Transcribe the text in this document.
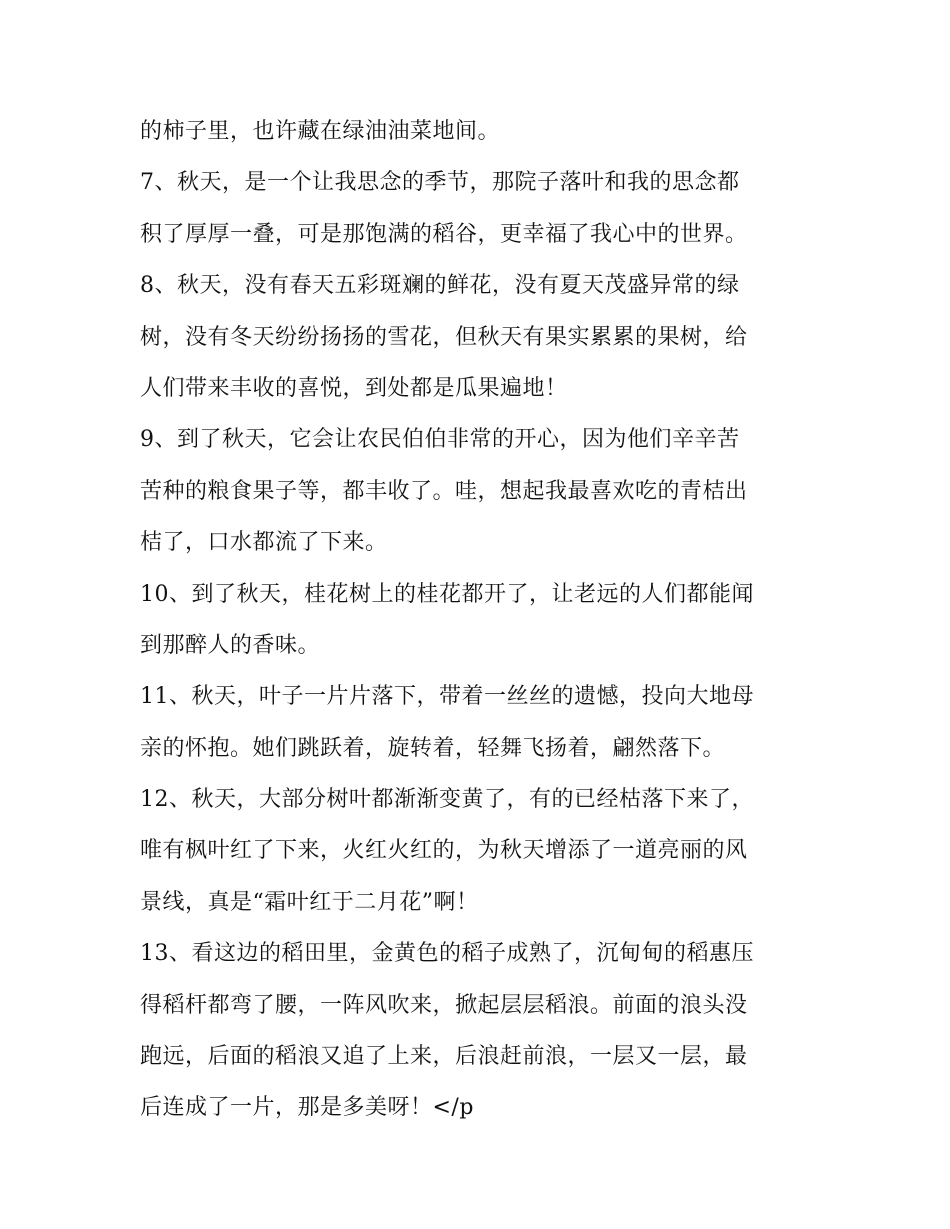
的柿子里，也许藏在绿油油菜地间。
7、秋天，是一个让我思念的季节，那院子落叶和我的思念都
积了厚厚一叠，可是那饱满的稻谷，更幸福了我心中的世界。
8、秋天，没有春天五彩斑斓的鲜花，没有夏天茂盛异常的绿
树，没有冬天纷纷扬扬的雪花，但秋天有果实累累的果树，给
人们带来丰收的喜悦，到处都是瓜果遍地！
9、到了秋天，它会让农民伯伯非常的开心，因为他们辛辛苦
苦种的粮食果子等，都丰收了。哇，想起我最喜欢吃的青桔出
桔了，口水都流了下来。
10、到了秋天，桂花树上的桂花都开了，让老远的人们都能闻
到那醉人的香味。
11、秋天，叶子一片片落下，带着一丝丝的遗憾，投向大地母
亲的怀抱。她们跳跃着，旋转着，轻舞飞扬着，翩然落下。
12、秋天，大部分树叶都渐渐变黄了，有的已经枯落下来了，
唯有枫叶红了下来，火红火红的，为秋天增添了一道亮丽的风
景线，真是“霜叶红于二月花”啊！
13、看这边的稻田里，金黄色的稻子成熟了，沉甸甸的稻惠压
得稻杆都弯了腰，一阵风吹来，掀起层层稻浪。前面的浪头没
跑远，后面的稻浪又追了上来，后浪赶前浪，一层又一层，最
后连成了一片，那是多美呀！</p
